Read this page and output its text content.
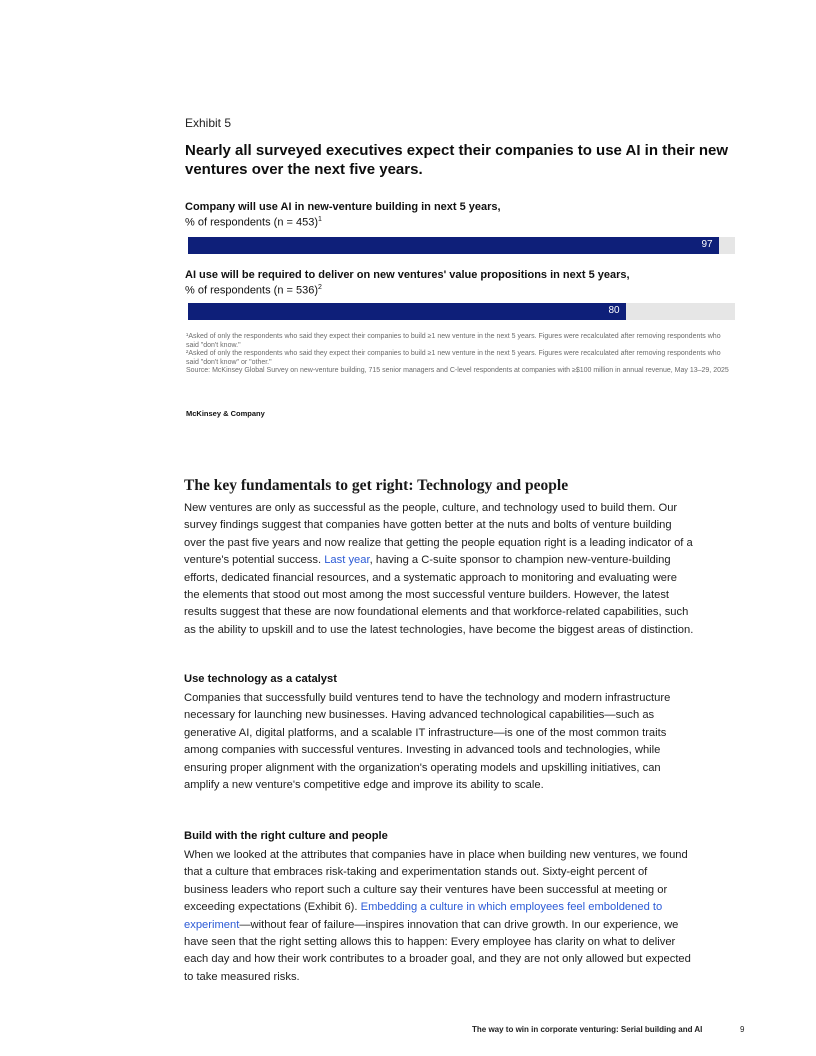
Exhibit 5
Nearly all surveyed executives expect their companies to use AI in their new ventures over the next five years.
Company will use AI in new-venture building in next 5 years,
% of respondents (n = 453)$^1$
97
AI use will be required to deliver on new ventures' value propositions in next 5 years,
% of respondents (n = 536)$^2$
80

¹Asked of only the respondents who said they expect their companies to build ≥1 new venture in the next 5 years. Figures were recalculated after removing respondents who said "don't know."

²Asked of only the respondents who said they expect their companies to build ≥1 new venture in the next 5 years. Figures were recalculated after removing respondents who said "don't know" or "other."

Source: McKinsey Global Survey on new-venture building, 715 senior managers and C-level respondents at companies with ≥$100 million in annual revenue, May 13–29, 2025

McKinsey & Company
The key fundamentals to get right: Technology and people

New ventures are only as successful as the people, culture, and technology used to build them. Our survey findings suggest that companies have gotten better at the nuts and bolts of venture building over the past five years and now realize that getting the people equation right is a leading indicator of a venture's potential success. Last year, having a C-suite sponsor to champion new-venture-building efforts, dedicated financial resources, and a systematic approach to monitoring and evaluating were the elements that stood out most among the most successful venture builders. However, the latest results suggest that these are now foundational elements and that workforce-related capabilities, such as the ability to upskill and to use the latest technologies, have become the biggest areas of distinction.

Use technology as a catalyst

Companies that successfully build ventures tend to have the technology and modern infrastructure necessary for launching new businesses. Having advanced technological capabilities—such as generative AI, digital platforms, and a scalable IT infrastructure—is one of the most common traits among companies with successful ventures. Investing in advanced tools and technologies, while ensuring proper alignment with the organization's operating models and upskilling initiatives, can amplify a new venture's competitive edge and improve its ability to scale.

Build with the right culture and people

When we looked at the attributes that companies have in place when building new ventures, we found that a culture that embraces risk-taking and experimentation stands out. Sixty-eight percent of business leaders who report such a culture say their ventures have been successful at meeting or exceeding expectations (Exhibit 6). Embedding a culture in which employees feel emboldened to experiment—without fear of failure—inspires innovation that can drive growth. In our experience, we have seen that the right setting allows this to happen: Every employee has clarity on what to deliver each day and how their work contributes to a broader goal, and they are not only allowed but expected to take measured risks.

The way to win in corporate venturing: Serial building and AI	9
